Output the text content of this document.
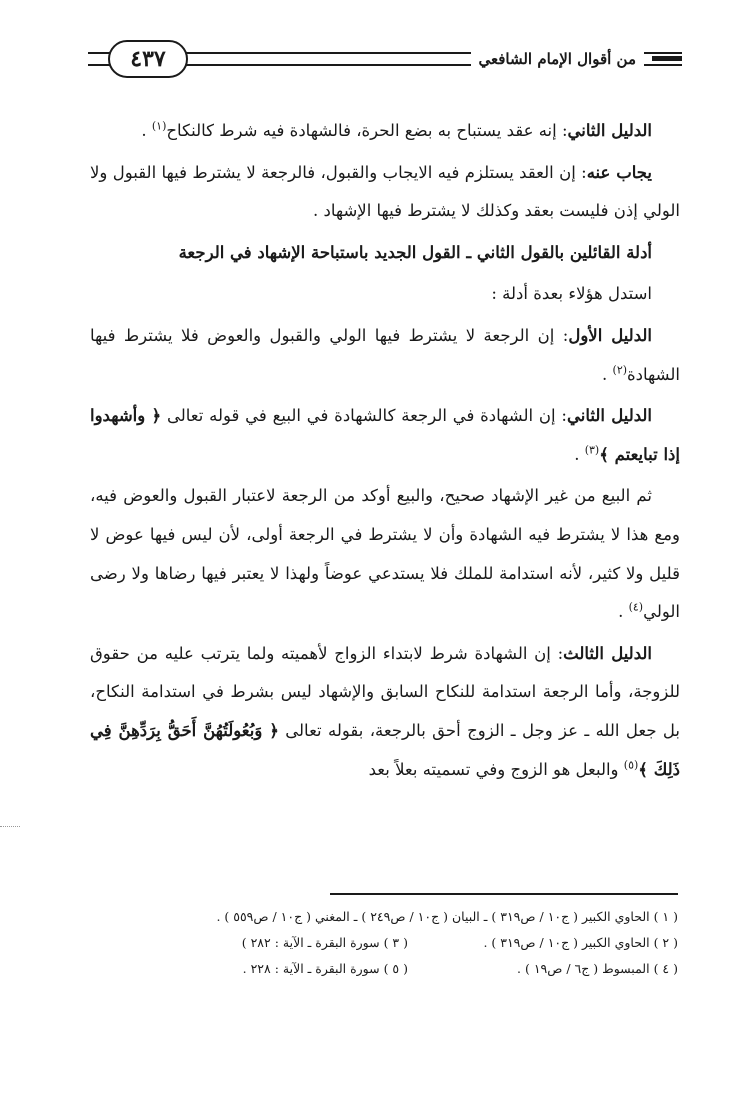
من أقوال الإمام الشافعي
٤٣٧

الدليل الثاني: إنه عقد يستباح به بضع الحرة، فالشهادة فيه شرط كالنكاح$^{(١)}$ .

يجاب عنه: إن العقد يستلزم فيه الايجاب والقبول، فالرجعة لا يشترط فيها القبول ولا الولي إذن فليست بعقد وكذلك لا يشترط فيها الإشهاد .

أدلة القائلين بالقول الثاني ـ القول الجديد باستباحة الإشهاد في الرجعة

استدل هؤلاء بعدة أدلة :

الدليل الأول: إن الرجعة لا يشترط فيها الولي والقبول والعوض فلا يشترط فيها الشهادة$^{(٢)}$ .

الدليل الثاني: إن الشهادة في الرجعة كالشهادة في البيع في قوله تعالى ﴿ وأشهدوا إذا تبايعتم ﴾$^{(٣)}$ .

ثم البيع من غير الإشهاد صحيح، والبيع أوكد من الرجعة لاعتبار القبول والعوض فيه، ومع هذا لا يشترط فيه الشهادة وأن لا يشترط في الرجعة أولى، لأن ليس فيها عوض لا قليل ولا كثير، لأنه استدامة للملك فلا يستدعي عوضاً ولهذا لا يعتبر فيها رضاها ولا رضى الولي$^{(٤)}$ .

الدليل الثالث: إن الشهادة شرط لابتداء الزواج لأهميته ولما يترتب عليه من حقوق للزوجة، وأما الرجعة استدامة للنكاح السابق والإشهاد ليس بشرط في استدامة النكاح، بل جعل الله ـ عز وجل ـ الزوج أحق بالرجعة، بقوله تعالى ﴿ وَبُعُولَتُهُنَّ أَحَقُّ بِرَدِّهِنَّ فِي ذَلِكَ ﴾$^{(٥)}$ والبعل هو الزوج وفي تسميته بعلاً بعد

( ١ ) الحاوي الكبير ( ج١٠ / ص٣١٩ ) ـ البيان ( ج١٠ / ص٢٤٩ ) ـ المغني ( ج١٠ / ص٥٥٩ ) .
( ٢ ) الحاوي الكبير ( ج١٠ / ص٣١٩ ) .
( ٣ ) سورة البقرة ـ الآية : ٢٨٢ )
( ٤ ) المبسوط ( ج٦ / ص١٩ ) .
( ٥ ) سورة البقرة ـ الآية : ٢٢٨ .
